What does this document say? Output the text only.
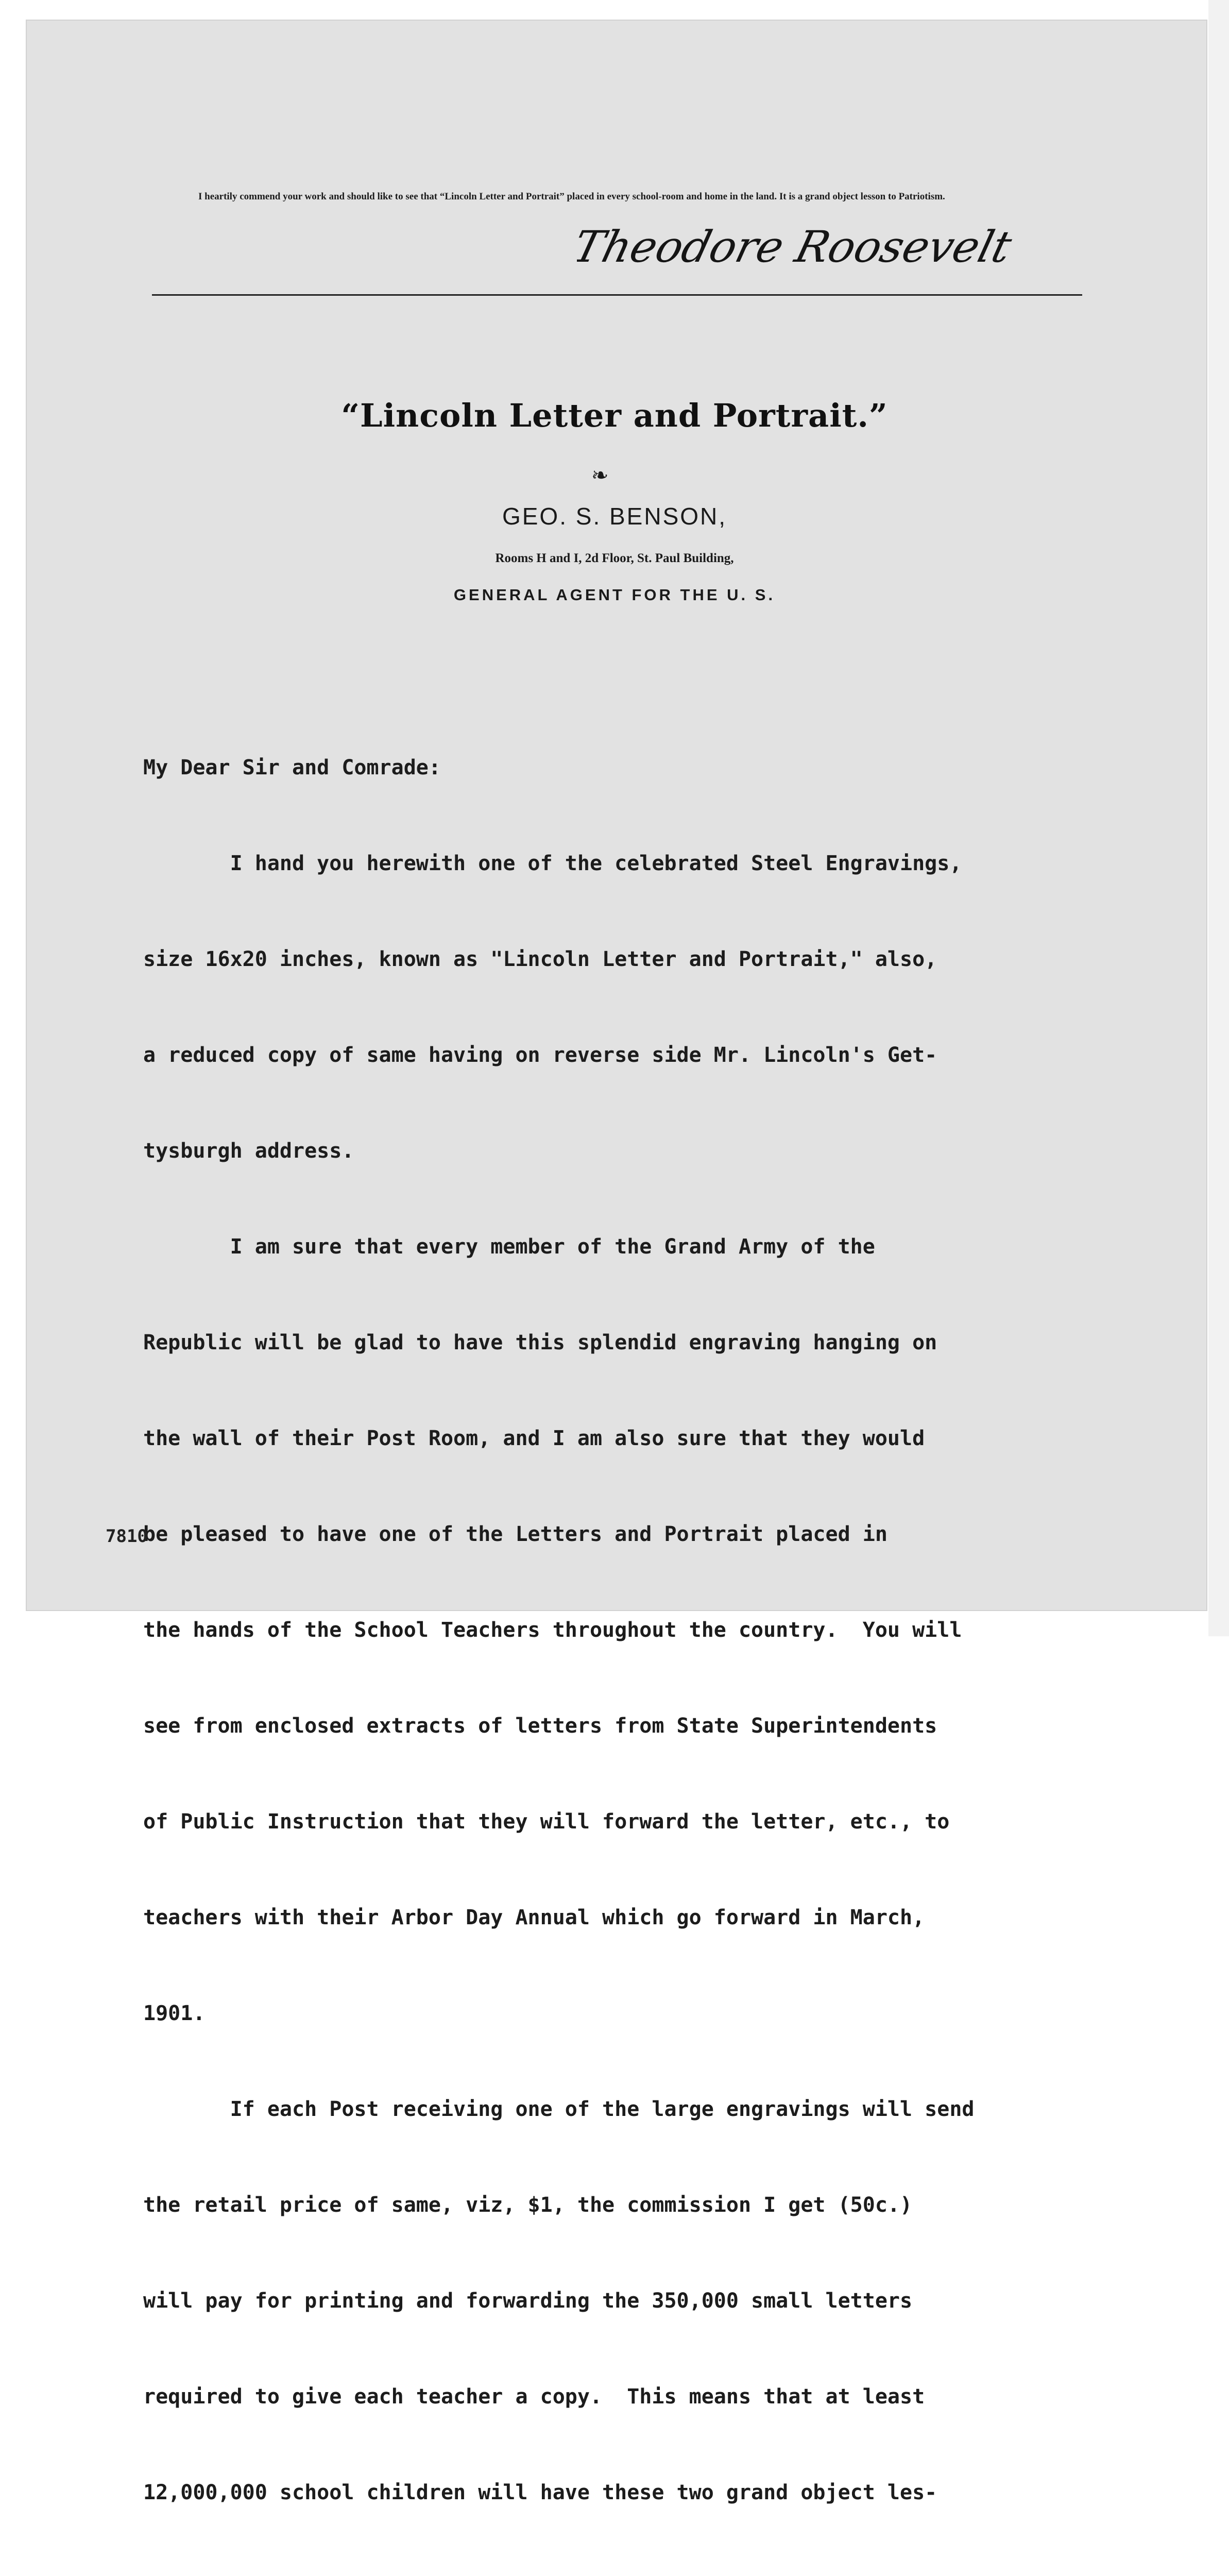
I heartily commend your work and should like to see that “Lincoln Letter and Portrait” placed in every school-room and home in the land. It is a grand object lesson to Patriotism.
Theodore Roosevelt
“Lincoln Letter and Portrait.”
❧
GEO. S. BENSON,
Rooms H and I, 2d Floor, St. Paul Building,
GENERAL AGENT FOR THE U. S.

My Dear Sir and Comrade:

I hand you herewith one of the celebrated Steel Engravings,

size 16x20 inches, known as "Lincoln Letter and Portrait," also,

a reduced copy of same having on reverse side Mr. Lincoln's Get-

tysburgh address.

I am sure that every member of the Grand Army of the

Republic will be glad to have this splendid engraving hanging on

the wall of their Post Room, and I am also sure that they would

be pleased to have one of the Letters and Portrait placed in

the hands of the School Teachers throughout the country.  You will

see from enclosed extracts of letters from State Superintendents

of Public Instruction that they will forward the letter, etc., to

teachers with their Arbor Day Annual which go forward in March,

1901.

If each Post receiving one of the large engravings will send

the retail price of same, viz, $1, the commission I get (50c.)

will pay for printing and forwarding the 350,000 small letters

required to give each teacher a copy.  This means that at least

12,000,000 school children will have these two grand object les-

7810
